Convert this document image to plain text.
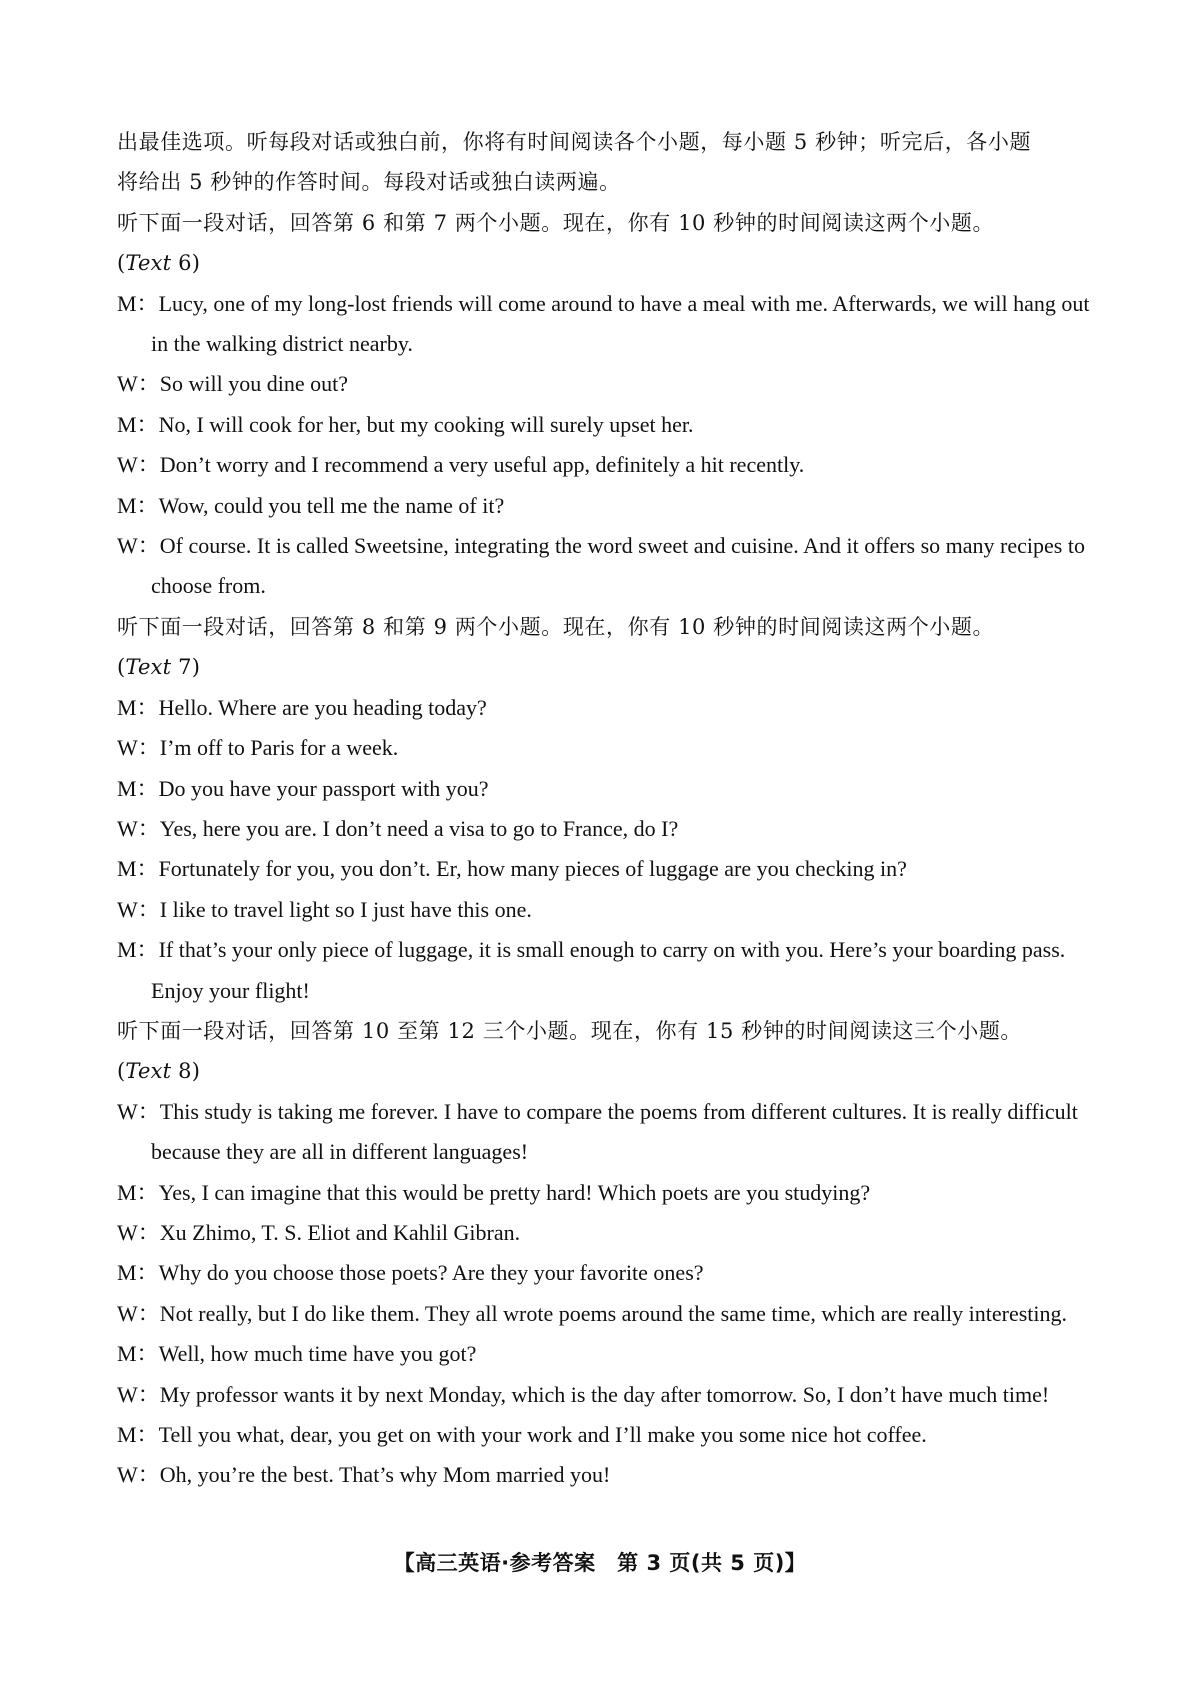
出最佳选项。听每段对话或独白前，你将有时间阅读各个小题，每小题 5 秒钟；听完后，各小题

将给出 5 秒钟的作答时间。每段对话或独白读两遍。

听下面一段对话，回答第 6 和第 7 两个小题。现在，你有 10 秒钟的时间阅读这两个小题。

(Text 6)

M：Lucy, one of my long-lost friends will come around to have a meal with me. Afterwards, we will hang out in the walking district nearby.

W：So will you dine out?

M：No, I will cook for her, but my cooking will surely upset her.

W：Don’t worry and I recommend a very useful app, definitely a hit recently.

M：Wow, could you tell me the name of it?

W：Of course. It is called Sweetsine, integrating the word sweet and cuisine. And it offers so many recipes to choose from.

听下面一段对话，回答第 8 和第 9 两个小题。现在，你有 10 秒钟的时间阅读这两个小题。

(Text 7)

M：Hello. Where are you heading today?

W：I’m off to Paris for a week.

M：Do you have your passport with you?

W：Yes, here you are. I don’t need a visa to go to France, do I?

M：Fortunately for you, you don’t. Er, how many pieces of luggage are you checking in?

W：I like to travel light so I just have this one.

M：If that’s your only piece of luggage, it is small enough to carry on with you. Here’s your boarding pass. Enjoy your flight!

听下面一段对话，回答第 10 至第 12 三个小题。现在，你有 15 秒钟的时间阅读这三个小题。

(Text 8)

W：This study is taking me forever. I have to compare the poems from different cultures. It is really difficult because they are all in different languages!

M：Yes, I can imagine that this would be pretty hard! Which poets are you studying?

W：Xu Zhimo, T. S. Eliot and Kahlil Gibran.

M：Why do you choose those poets? Are they your favorite ones?

W：Not really, but I do like them. They all wrote poems around the same time, which are really interesting.

M：Well, how much time have you got?

W：My professor wants it by next Monday, which is the day after tomorrow. So, I don’t have much time!

M：Tell you what, dear, you get on with your work and I’ll make you some nice hot coffee.

W：Oh, you’re the best. That’s why Mom married you!

【高三英语·参考答案　第 3 页(共 5 页)】
